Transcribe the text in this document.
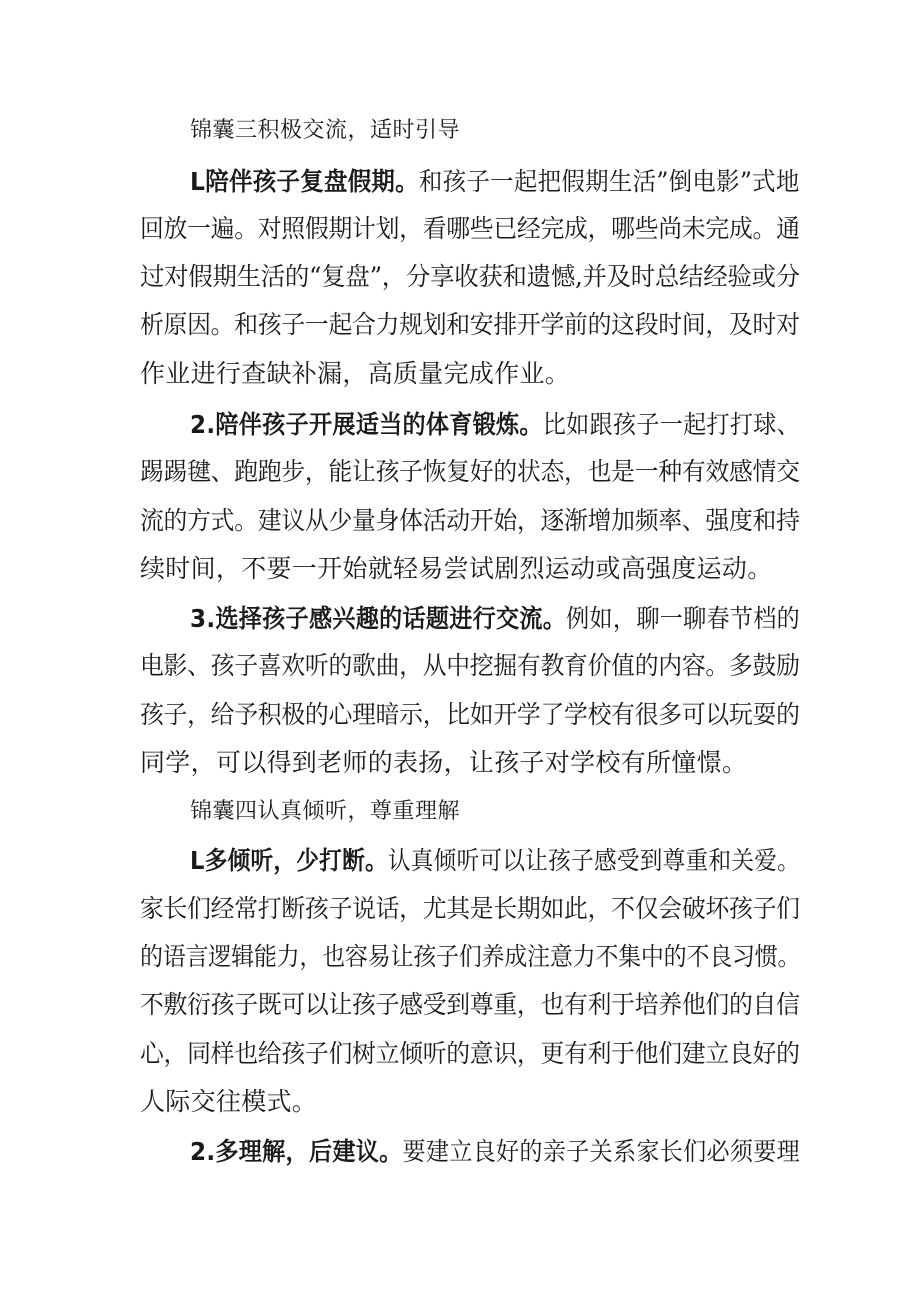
锦囊三积极交流，适时引导
L陪伴孩子复盘假期。和孩子一起把假期生活”倒电影”式地
回放一遍。对照假期计划，看哪些已经完成，哪些尚未完成。通
过对假期生活的“复盘”，分享收获和遗憾,并及时总结经验或分
析原因。和孩子一起合力规划和安排开学前的这段时间，及时对
作业进行查缺补漏，高质量完成作业。
2.陪伴孩子开展适当的体育锻炼。比如跟孩子一起打打球、
踢踢毽、跑跑步，能让孩子恢复好的状态，也是一种有效感情交
流的方式。建议从少量身体活动开始，逐渐增加频率、强度和持
续时间，不要一开始就轻易尝试剧烈运动或高强度运动。
3.选择孩子感兴趣的话题进行交流。例如，聊一聊春节档的
电影、孩子喜欢听的歌曲，从中挖掘有教育价值的内容。多鼓励
孩子，给予积极的心理暗示，比如开学了学校有很多可以玩耍的
同学，可以得到老师的表扬，让孩子对学校有所憧憬。
锦囊四认真倾听，尊重理解
L多倾听，少打断。认真倾听可以让孩子感受到尊重和关爱。
家长们经常打断孩子说话，尤其是长期如此，不仅会破坏孩子们
的语言逻辑能力，也容易让孩子们养成注意力不集中的不良习惯。
不敷衍孩子既可以让孩子感受到尊重，也有利于培养他们的自信
心，同样也给孩子们树立倾听的意识，更有利于他们建立良好的
人际交往模式。
2.多理解，后建议。要建立良好的亲子关系家长们必须要理
